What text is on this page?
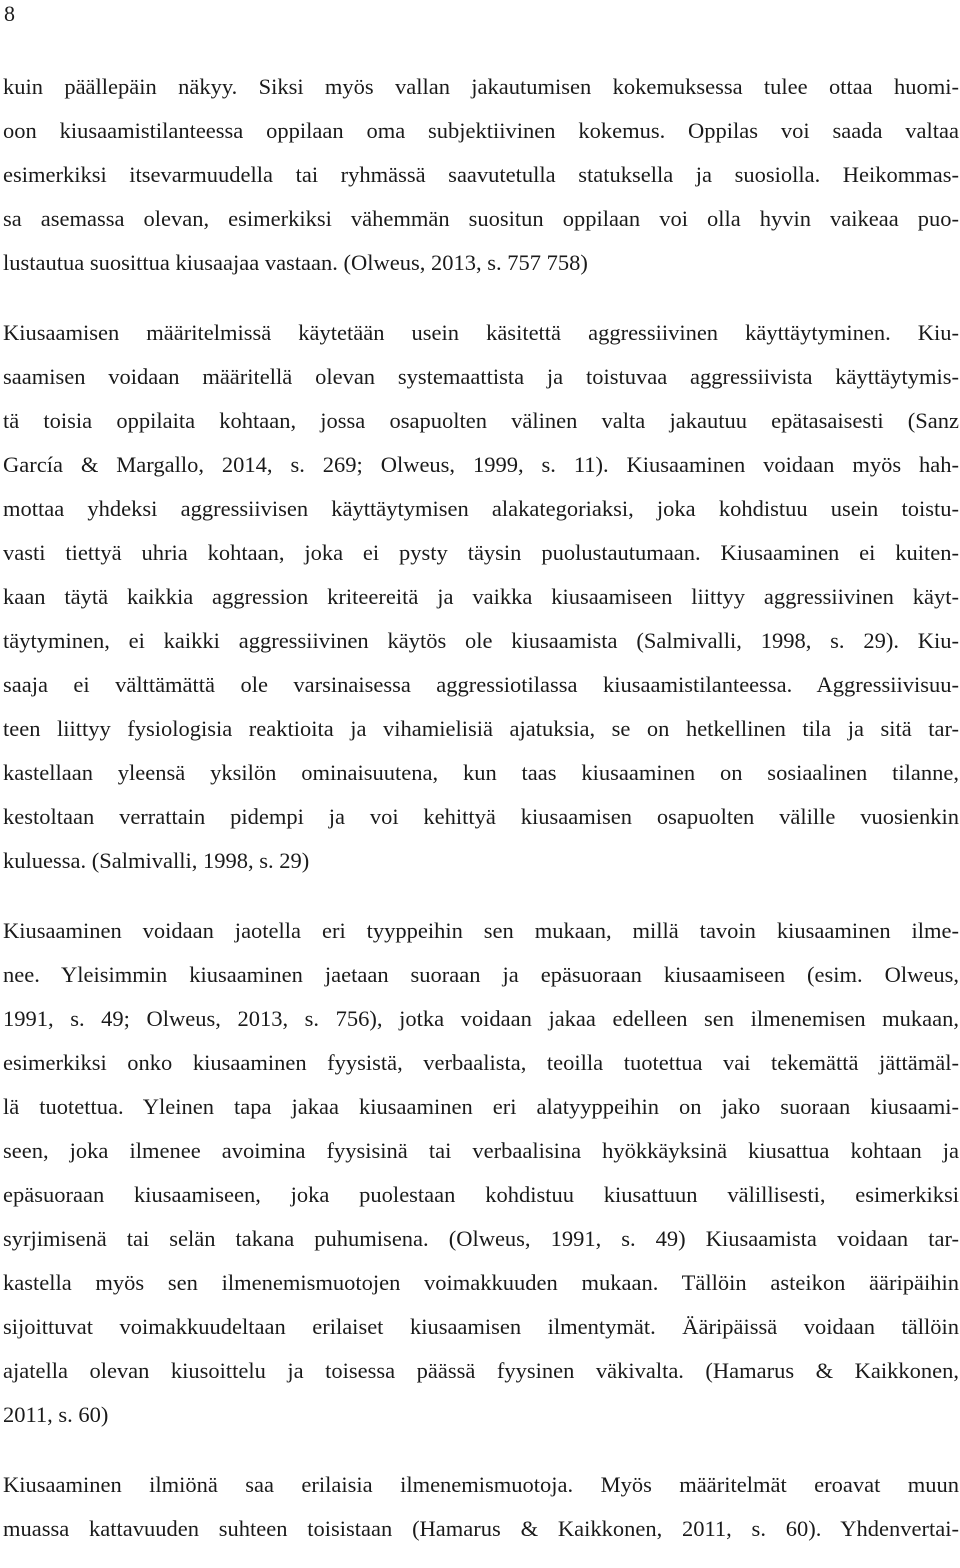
8
kuin päällepäin näkyy. Siksi myös vallan jakautumisen kokemuksessa tulee ottaa huomi-
oon kiusaamistilanteessa oppilaan oma subjektiivinen kokemus. Oppilas voi saada valtaa
esimerkiksi itsevarmuudella tai ryhmässä saavutetulla statuksella ja suosiolla. Heikommas-
sa asemassa olevan, esimerkiksi vähemmän suositun oppilaan voi olla hyvin vaikeaa puo-
lustautua suosittua kiusaajaa vastaan. (Olweus, 2013, s. 757 758)
Kiusaamisen määritelmissä käytetään usein käsitettä aggressiivinen käyttäytyminen. Kiu-
saamisen voidaan määritellä olevan systemaattista ja toistuvaa aggressiivista käyttäytymis-
tä toisia oppilaita kohtaan, jossa osapuolten välinen valta jakautuu epätasaisesti (Sanz
García & Margallo, 2014, s. 269; Olweus, 1999, s. 11). Kiusaaminen voidaan myös hah-
mottaa yhdeksi aggressiivisen käyttäytymisen alakategoriaksi, joka kohdistuu usein toistu-
vasti tiettyä uhria kohtaan, joka ei pysty täysin puolustautumaan. Kiusaaminen ei kuiten-
kaan täytä kaikkia aggression kriteereitä ja vaikka kiusaamiseen liittyy aggressiivinen käyt-
täytyminen, ei kaikki aggressiivinen käytös ole kiusaamista (Salmivalli, 1998, s. 29). Kiu-
saaja ei välttämättä ole varsinaisessa aggressiotilassa kiusaamistilanteessa. Aggressiivisuu-
teen liittyy fysiologisia reaktioita ja vihamielisiä ajatuksia, se on hetkellinen tila ja sitä tar-
kastellaan yleensä yksilön ominaisuutena, kun taas kiusaaminen on sosiaalinen tilanne,
kestoltaan verrattain pidempi ja voi kehittyä kiusaamisen osapuolten välille vuosienkin
kuluessa. (Salmivalli, 1998, s. 29)
Kiusaaminen voidaan jaotella eri tyyppeihin sen mukaan, millä tavoin kiusaaminen ilme-
nee. Yleisimmin kiusaaminen jaetaan suoraan ja epäsuoraan kiusaamiseen (esim. Olweus,
1991, s. 49; Olweus, 2013, s. 756), jotka voidaan jakaa edelleen sen ilmenemisen mukaan,
esimerkiksi onko kiusaaminen fyysistä, verbaalista, teoilla tuotettua vai tekemättä jättämäl-
lä tuotettua. Yleinen tapa jakaa kiusaaminen eri alatyyppeihin on jako suoraan kiusaami-
seen, joka ilmenee avoimina fyysisinä tai verbaalisina hyökkäyksinä kiusattua kohtaan ja
epäsuoraan kiusaamiseen, joka puolestaan kohdistuu kiusattuun välillisesti, esimerkiksi
syrjimisenä tai selän takana puhumisena. (Olweus, 1991, s. 49) Kiusaamista voidaan tar-
kastella myös sen ilmenemismuotojen voimakkuuden mukaan. Tällöin asteikon ääripäihin
sijoittuvat voimakkuudeltaan erilaiset kiusaamisen ilmentymät. Ääripäissä voidaan tällöin
ajatella olevan kiusoittelu ja toisessa päässä fyysinen väkivalta. (Hamarus & Kaikkonen,
2011, s. 60)
Kiusaaminen ilmiönä saa erilaisia ilmenemismuotoja. Myös määritelmät eroavat muun
muassa kattavuuden suhteen toisistaan (Hamarus & Kaikkonen, 2011, s. 60). Yhdenvertai-
